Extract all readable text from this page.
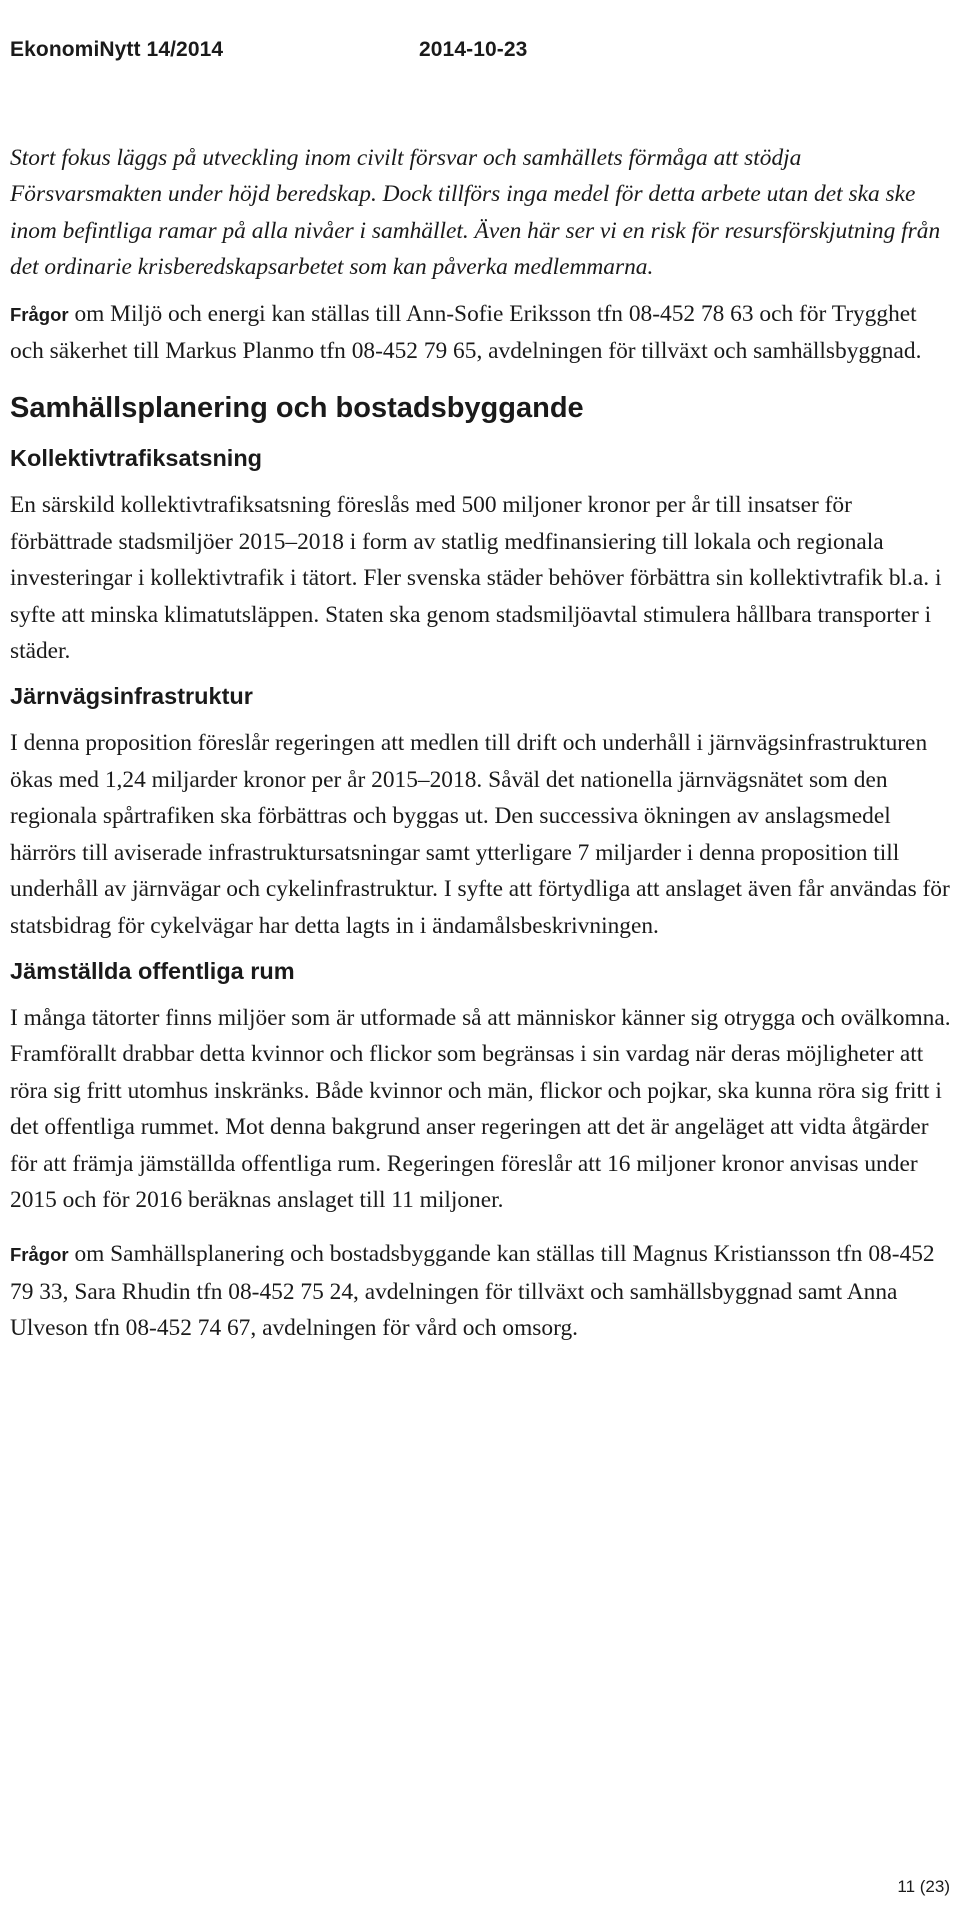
EkonomiNytt 14/2014	2014-10-23

Stort fokus läggs på utveckling inom civilt försvar och samhällets förmåga att stödja Försvarsmakten under höjd beredskap. Dock tillförs inga medel för detta arbete utan det ska ske inom befintliga ramar på alla nivåer i samhället. Även här ser vi en risk för resursförskjutning från det ordinarie krisberedskapsarbetet som kan påverka medlemmarna.

Frågor om Miljö och energi kan ställas till Ann-Sofie Eriksson tfn 08-452 78 63 och för Trygghet och säkerhet till Markus Planmo tfn 08-452 79 65, avdelningen för tillväxt och samhällsbyggnad.

Samhällsplanering och bostadsbyggande
Kollektivtrafiksatsning

En särskild kollektivtrafiksatsning föreslås med 500 miljoner kronor per år till insatser för förbättrade stadsmiljöer 2015–2018 i form av statlig medfinansiering till lokala och regionala investeringar i kollektivtrafik i tätort. Fler svenska städer behöver förbättra sin kollektivtrafik bl.a. i syfte att minska klimatutsläppen. Staten ska genom stadsmiljöavtal stimulera hållbara transporter i städer.

Järnvägsinfrastruktur

I denna proposition föreslår regeringen att medlen till drift och underhåll i järnvägsinfrastrukturen ökas med 1,24 miljarder kronor per år 2015–2018. Såväl det nationella järnvägsnätet som den regionala spårtrafiken ska förbättras och byggas ut. Den successiva ökningen av anslagsmedel härrörs till aviserade infrastruktursatsningar samt ytterligare 7 miljarder i denna proposition till underhåll av järnvägar och cykelinfrastruktur. I syfte att förtydliga att anslaget även får användas för statsbidrag för cykelvägar har detta lagts in i ändamålsbeskrivningen.

Jämställda offentliga rum

I många tätorter finns miljöer som är utformade så att människor känner sig otrygga och ovälkomna. Framförallt drabbar detta kvinnor och flickor som begränsas i sin vardag när deras möjligheter att röra sig fritt utomhus inskränks. Både kvinnor och män, flickor och pojkar, ska kunna röra sig fritt i det offentliga rummet. Mot denna bakgrund anser regeringen att det är angeläget att vidta åtgärder för att främja jämställda offentliga rum. Regeringen föreslår att 16 miljoner kronor anvisas under 2015 och för 2016 beräknas anslaget till 11 miljoner.

Frågor om Samhällsplanering och bostadsbyggande kan ställas till Magnus Kristiansson tfn 08-452 79 33, Sara Rhudin tfn 08-452 75 24, avdelningen för tillväxt och samhällsbyggnad samt Anna Ulveson tfn 08-452 74 67, avdelningen för vård och omsorg.

11 (23)
